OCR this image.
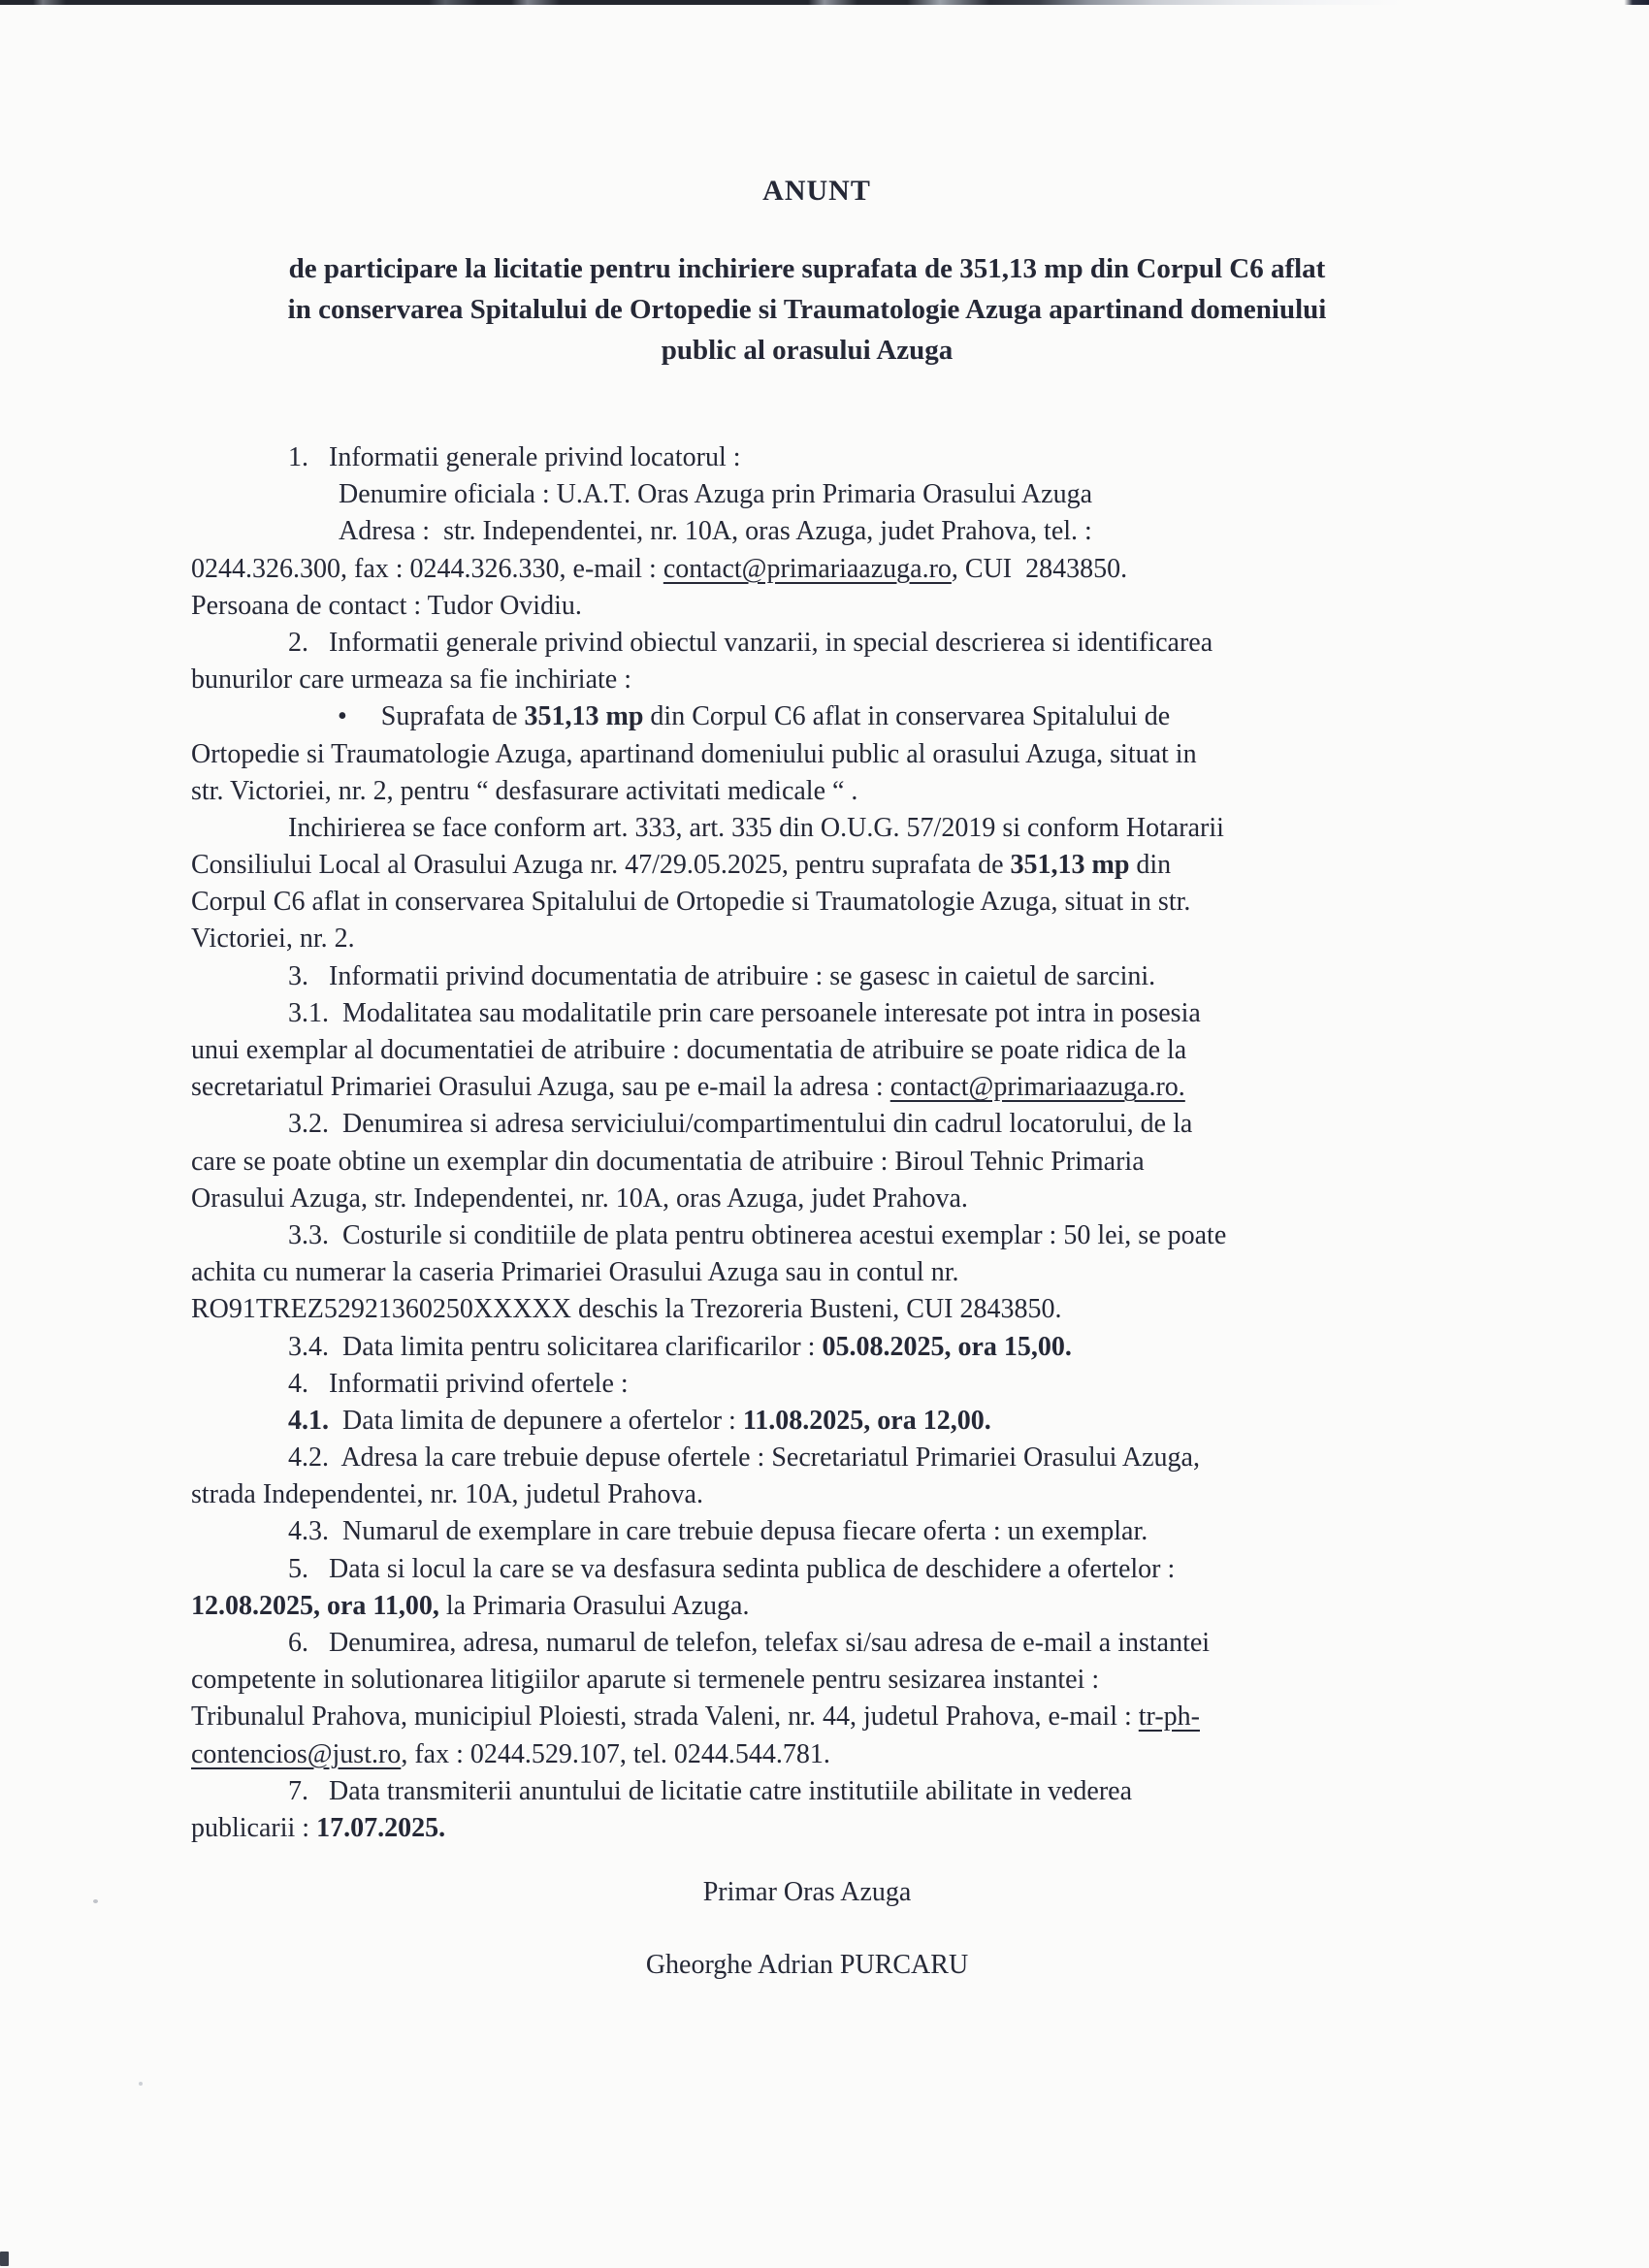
ANUNT
de participare la licitatie pentru inchiriere suprafata de 351,13 mp din Corpul C6 aflat
in conservarea Spitalului de Ortopedie si Traumatologie Azuga apartinand domeniului
public al orasului Azuga
1.   Informatii generale privind locatorul :
Denumire oficiala : U.A.T. Oras Azuga prin Primaria Orasului Azuga
Adresa :  str. Independentei, nr. 10A, oras Azuga, judet Prahova, tel. :
0244.326.300, fax : 0244.326.330, e-mail : contact@primariaazuga.ro, CUI  2843850.
Persoana de contact : Tudor Ovidiu.
2.   Informatii generale privind obiectul vanzarii, in special descrierea si identificarea
bunurilor care urmeaza sa fie inchiriate :
•     Suprafata de 351,13 mp din Corpul C6 aflat in conservarea Spitalului de
Ortopedie si Traumatologie Azuga, apartinand domeniului public al orasului Azuga, situat in
str. Victoriei, nr. 2, pentru “ desfasurare activitati medicale “ .
Inchirierea se face conform art. 333, art. 335 din O.U.G. 57/2019 si conform Hotararii
Consiliului Local al Orasului Azuga nr. 47/29.05.2025, pentru suprafata de 351,13 mp din
Corpul C6 aflat in conservarea Spitalului de Ortopedie si Traumatologie Azuga, situat in str.
Victoriei, nr. 2.
3.   Informatii privind documentatia de atribuire : se gasesc in caietul de sarcini.
3.1.  Modalitatea sau modalitatile prin care persoanele interesate pot intra in posesia
unui exemplar al documentatiei de atribuire : documentatia de atribuire se poate ridica de la
secretariatul Primariei Orasului Azuga, sau pe e-mail la adresa : contact@primariaazuga.ro.
3.2.  Denumirea si adresa serviciului/compartimentului din cadrul locatorului, de la
care se poate obtine un exemplar din documentatia de atribuire : Biroul Tehnic Primaria
Orasului Azuga, str. Independentei, nr. 10A, oras Azuga, judet Prahova.
3.3.  Costurile si conditiile de plata pentru obtinerea acestui exemplar : 50 lei, se poate
achita cu numerar la caseria Primariei Orasului Azuga sau in contul nr.
RO91TREZ52921360250XXXXX deschis la Trezoreria Busteni, CUI 2843850.
3.4.  Data limita pentru solicitarea clarificarilor : 05.08.2025, ora 15,00.
4.   Informatii privind ofertele :
4.1.  Data limita de depunere a ofertelor : 11.08.2025, ora 12,00.
4.2.  Adresa la care trebuie depuse ofertele : Secretariatul Primariei Orasului Azuga,
strada Independentei, nr. 10A, judetul Prahova.
4.3.  Numarul de exemplare in care trebuie depusa fiecare oferta : un exemplar.
5.   Data si locul la care se va desfasura sedinta publica de deschidere a ofertelor :
12.08.2025, ora 11,00, la Primaria Orasului Azuga.
6.   Denumirea, adresa, numarul de telefon, telefax si/sau adresa de e-mail a instantei
competente in solutionarea litigiilor aparute si termenele pentru sesizarea instantei :
Tribunalul Prahova, municipiul Ploiesti, strada Valeni, nr. 44, judetul Prahova, e-mail : tr-ph-
contencios@just.ro, fax : 0244.529.107, tel. 0244.544.781.
7.   Data transmiterii anuntului de licitatie catre institutiile abilitate in vederea
publicarii : 17.07.2025.
Primar Oras Azuga
Gheorghe Adrian PURCARU
